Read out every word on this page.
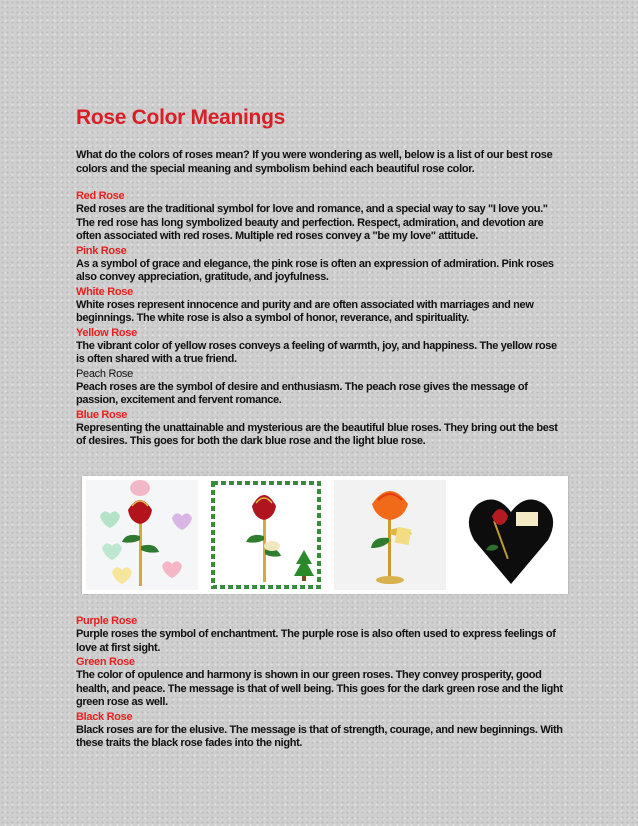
Rose Color Meanings
What do the colors of roses mean? If you were wondering as well, below is a list of our best rose colors and the special meaning and symbolism behind each beautiful rose color.
Red Rose
Red roses are the traditional symbol for love and romance, and a special way to say "I love you." The red rose has long symbolized beauty and perfection. Respect, admiration, and devotion are often associated with red roses. Multiple red roses convey a "be my love" attitude.
Pink Rose
As a symbol of grace and elegance, the pink rose is often an expression of admiration. Pink roses also convey appreciation, gratitude, and joyfulness.
White Rose
White roses represent innocence and purity and are often associated with marriages and new beginnings. The white rose is also a symbol of honor, reverance, and spirituality.
Yellow Rose
The vibrant color of yellow roses conveys a feeling of warmth, joy, and happiness. The yellow rose is often shared with a true friend.
Peach Rose
Peach roses are the symbol of desire and enthusiasm. The peach rose gives the message of passion, excitement and fervent romance.
Blue Rose
Representing the unattainable and mysterious are the beautiful blue roses. They bring out the best of desires. This goes for both the dark blue rose and the light blue rose.
Purple Rose
Purple roses the symbol of enchantment. The purple rose is also often used to express feelings of love at first sight.
Green Rose
The color of opulence and harmony is shown in our green roses. They convey prosperity, good health, and peace. The message is that of well being. This goes for the dark green rose and the light green rose as well.
Black Rose
Black roses are for the elusive. The message is that of strength, courage, and new beginnings. With these traits the black rose fades into the night.
